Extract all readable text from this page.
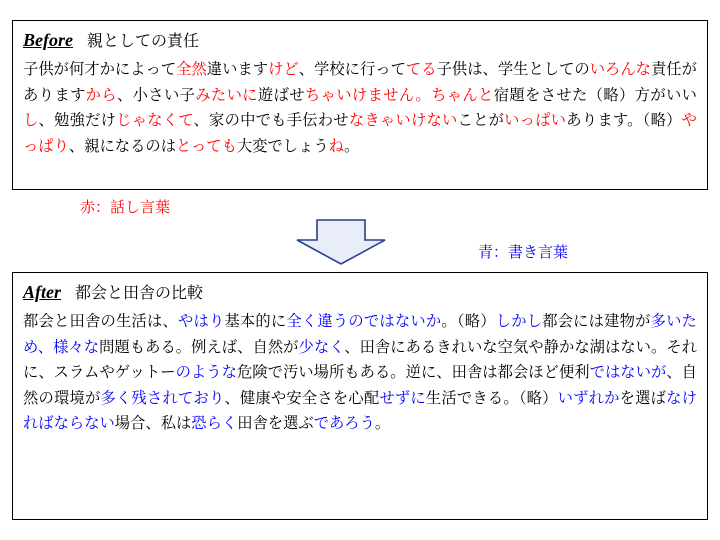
Before 親としての責任
子供が何才かによって全然違いますけど、学校に行っててる子供は、学生としてのいろんな責任がありますから、小さい子みたいに遊ばせちゃいけません。ちゃんと宿題をさせた（略）方がいいし、勉強だけじゃなくて、家の中でも手伝わせなきゃいけないことがいっぱいあります。（略）やっぱり、親になるのはとっても大変でしょうね。
赤：話し言葉
青：書き言葉
After 都会と田舎の比較
都会と田舎の生活は、やはり基本的に全く違うのではないか。（略）しかし都会には建物が多いため、様々な問題もある。例えば、自然が少なく、田舎にあるきれいな空気や静かな湖はない。それに、スラムやゲットーのような危険で汚い場所もある。逆に、田舎は都会ほど便利ではないが、自然の環境が多く残されており、健康や安全さを心配せずに生活できる。（略）いずれかを選ばなければならない場合、私は恐らく田舎を選ぶであろう。
